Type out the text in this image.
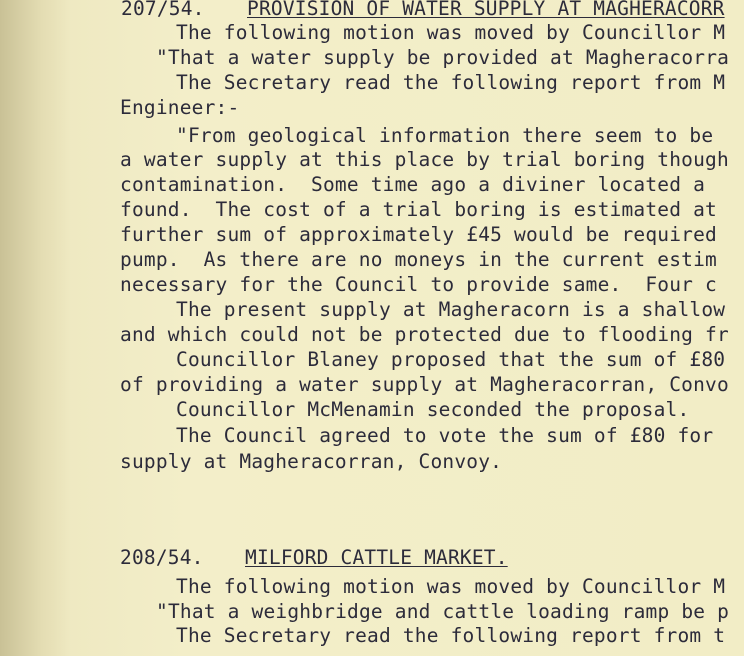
207/54. PROVISION OF WATER SUPPLY AT MAGHERACORR
The following motion was moved by Councillor M
"That a water supply be provided at Magheracorra
The Secretary read the following report from M
Engineer:-
"From geological information there seem to be
a water supply at this place by trial boring though
contamination.  Some time ago a diviner located a
found.  The cost of a trial boring is estimated at
further sum of approximately £45 would be required
pump.  As there are no moneys in the current estim
necessary for the Council to provide same.  Four c
The present supply at Magheracorn is a shallow
and which could not be protected due to flooding fr
Councillor Blaney proposed that the sum of £80
of providing a water supply at Magheracorran, Convo
Councillor McMenamin seconded the proposal.
The Council agreed to vote the sum of £80 for
supply at Magheracorran, Convoy.
208/54. MILFORD CATTLE MARKET.
The following motion was moved by Councillor M
"That a weighbridge and cattle loading ramp be p
The Secretary read the following report from t
